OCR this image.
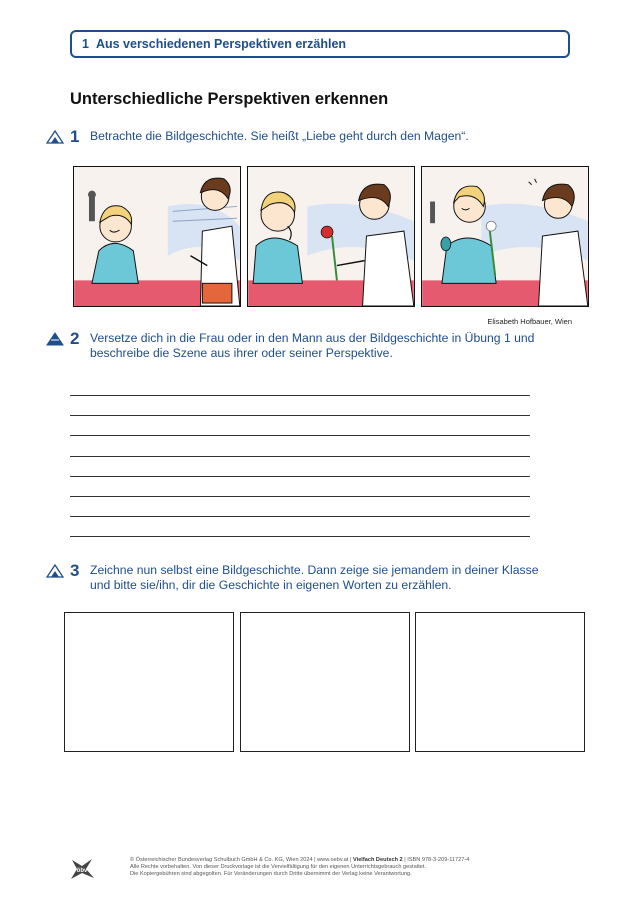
1 Aus verschiedenen Perspektiven erzählen
Unterschiedliche Perspektiven erkennen
1 Betrachte die Bildgeschichte. Sie heißt „Liebe geht durch den Magen“.
Elisabeth Hofbauer, Wien
2 Versetze dich in die Frau oder in den Mann aus der Bildgeschichte in Übung 1 und
beschreibe die Szene aus ihrer oder seiner Perspektive.
3 Zeichne nun selbst eine Bildgeschichte. Dann zeige sie jemandem in deiner Klasse
und bitte sie/ihn, dir die Geschichte in eigenen Worten zu erzählen.
öbv
© Österreichischer Bundesverlag Schulbuch GmbH & Co. KG, Wien 2024 | www.oebv.at | Vielfach Deutsch 2 | ISBN 978-3-209-11727-4
Alle Rechte vorbehalten. Von dieser Druckvorlage ist die Vervielfältigung für den eigenen Unterrichtsgebrauch gestattet.
Die Kopiergebühren sind abgegolten. Für Veränderungen durch Dritte übernimmt der Verlag keine Verantwortung.
